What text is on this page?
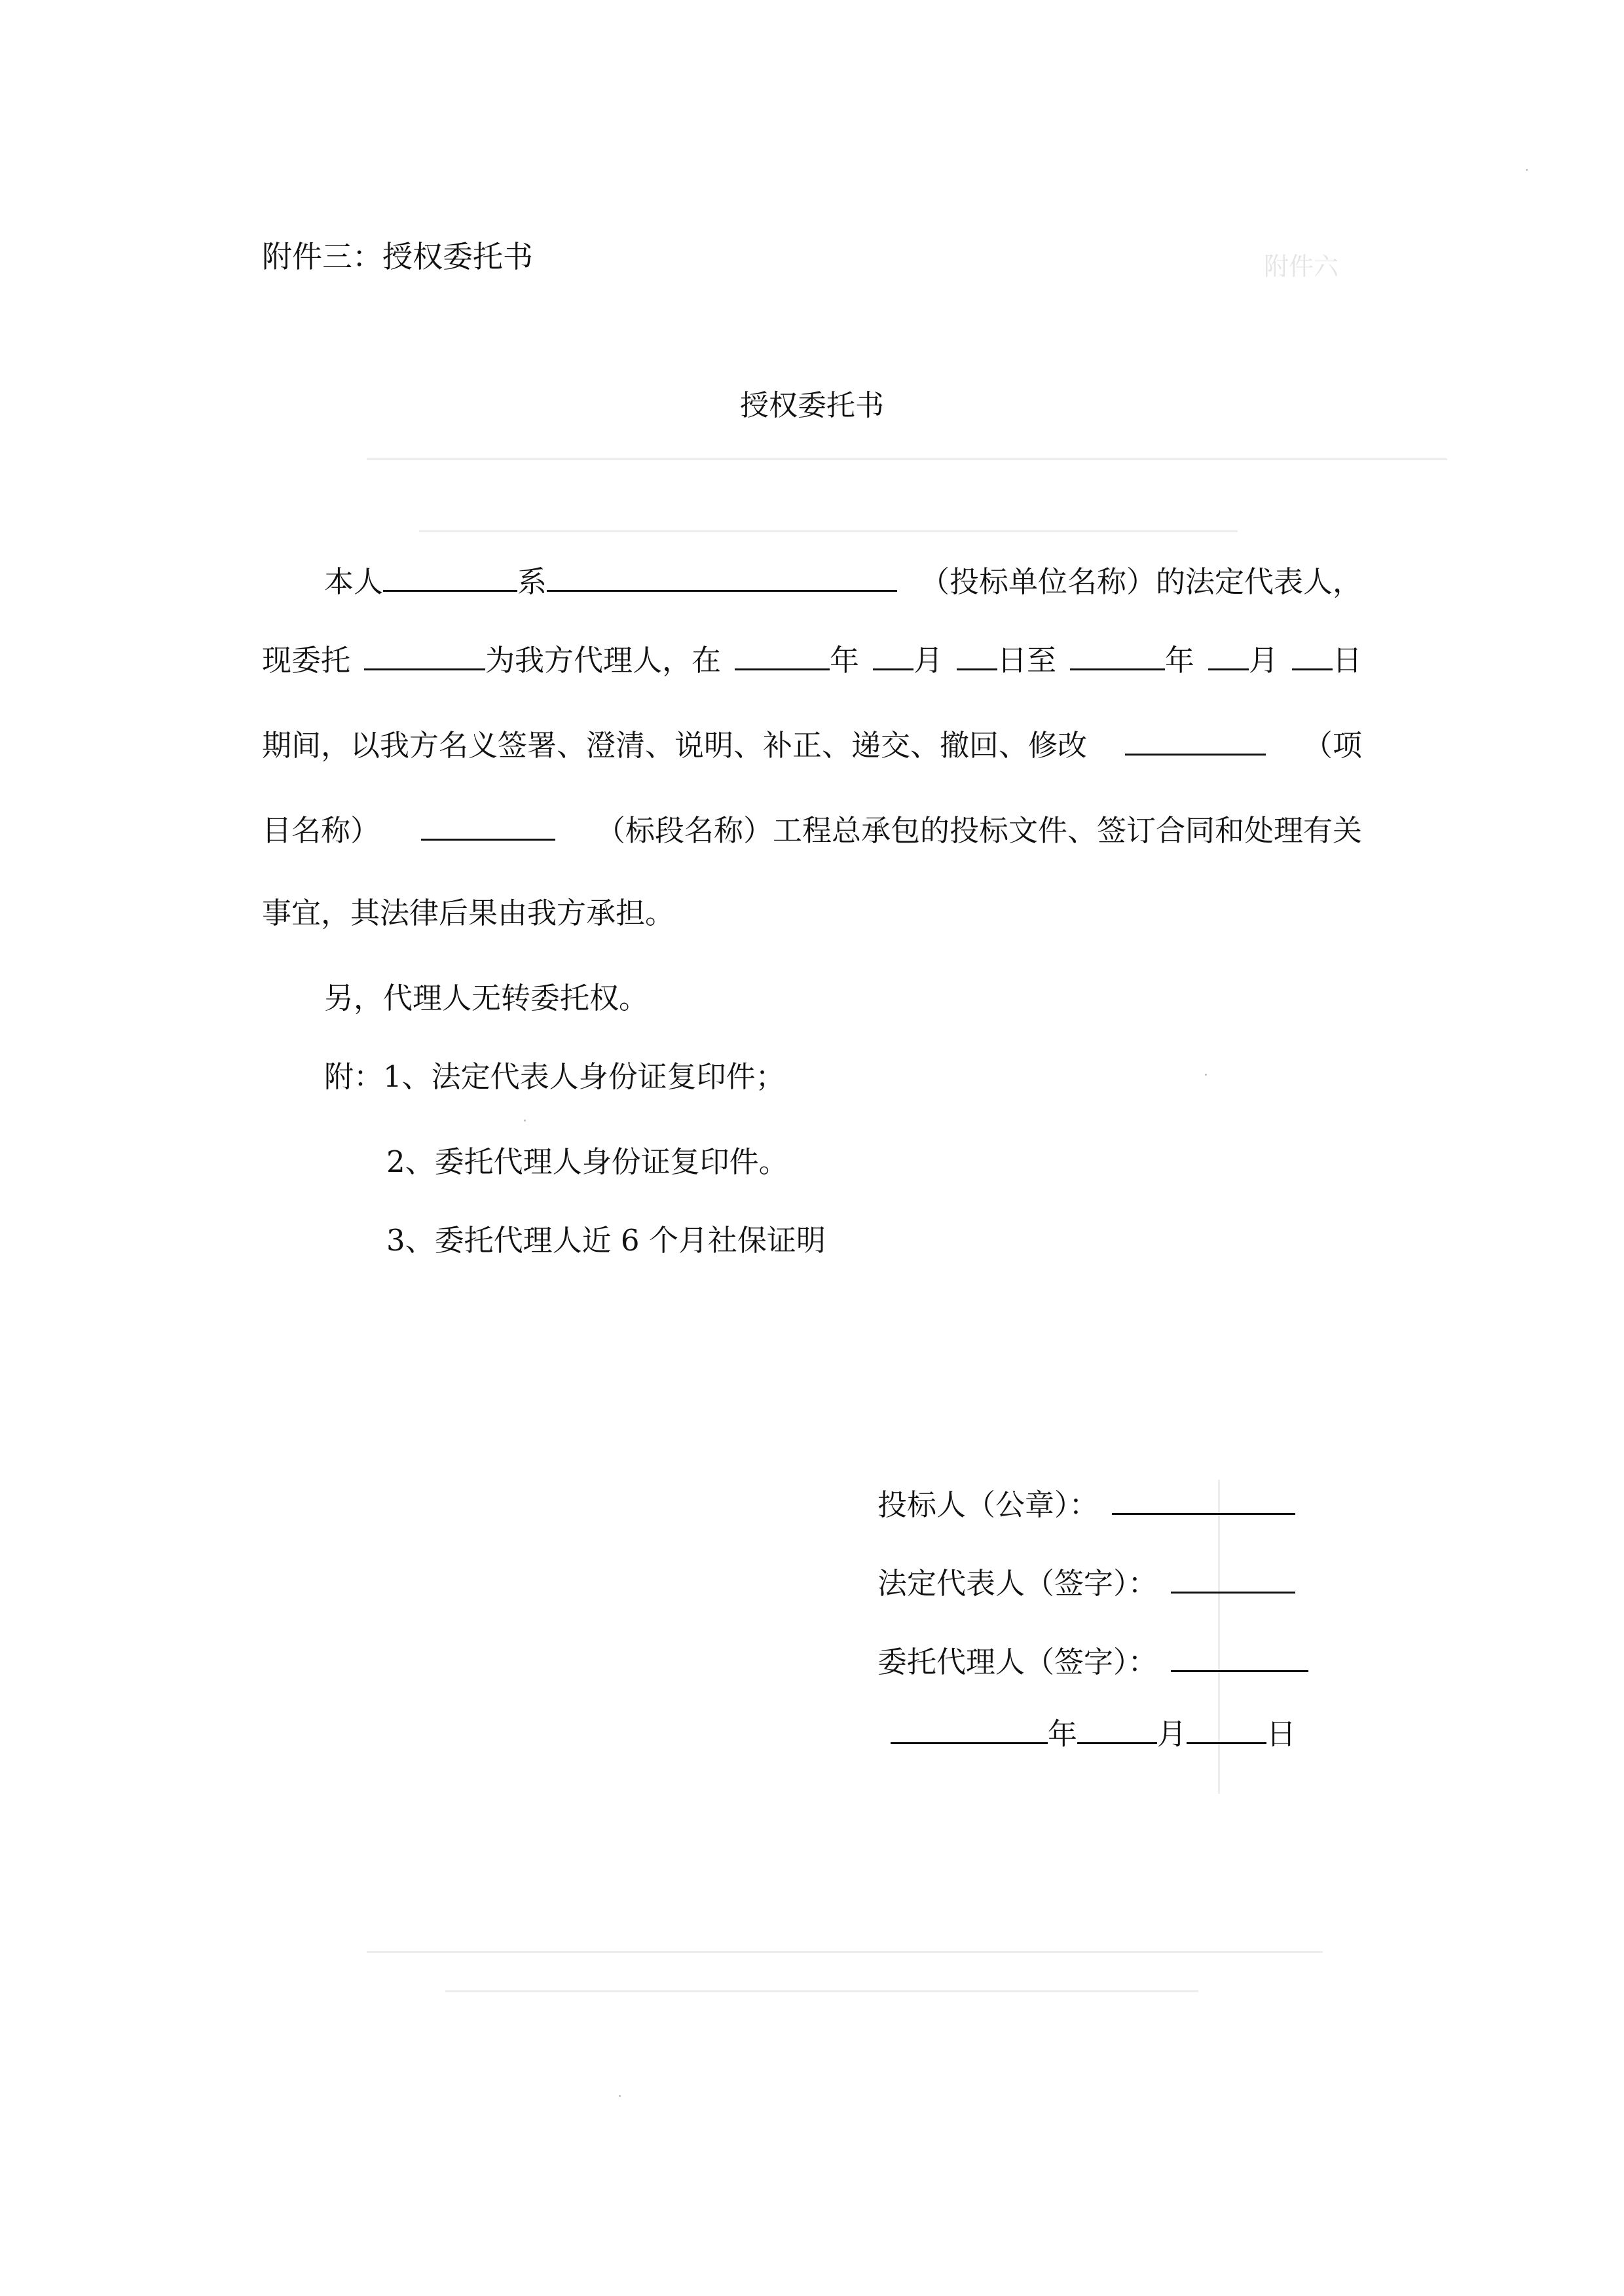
附件六
附件三：授权委托书
授权委托书
本人	系	（投标单位名称）的法定代表人，
现委托	为我方代理人，在	年	月	日至	年	月	日
期间，以我方名义签署、澄清、说明、补正、递交、撤回、修改	（项
目名称）	（标段名称）工程总承包的投标文件、签订合同和处理有关
事宜，其法律后果由我方承担。
另，代理人无转委托权。
附：1、法定代表人身份证复印件；
2、委托代理人身份证复印件。
3、委托代理人近 6 个月社保证明
投标人（公章）：
法定代表人（签字）：
委托代理人（签字）：
年	月	日
